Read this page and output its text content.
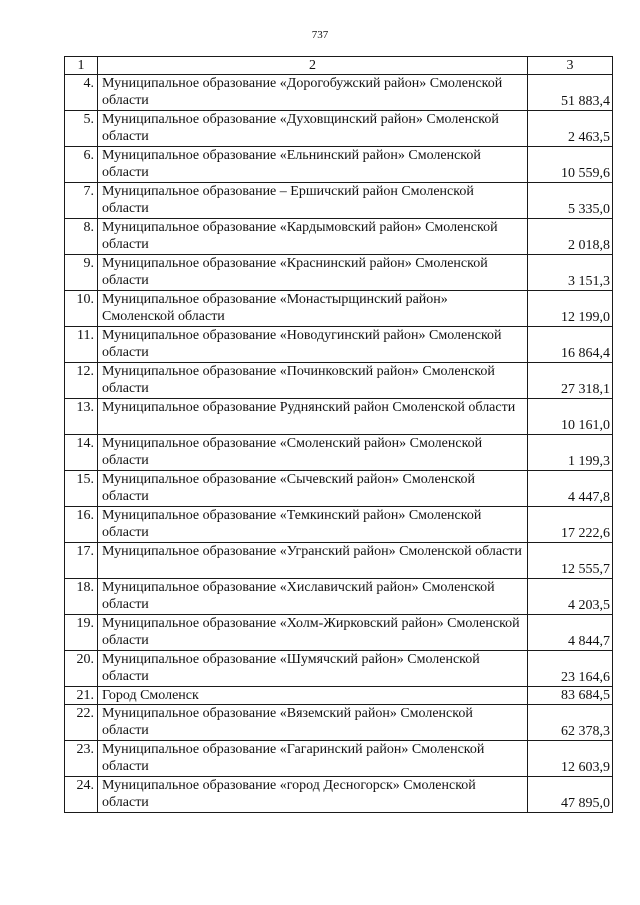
737
1	2	3
4.	Муниципальное образование «Дорогобужский район» Смоленской области	51 883,4
5.	Муниципальное образование «Духовщинский район» Смоленской области	2 463,5
6.	Муниципальное образование «Ельнинский район» Смоленской области	10 559,6
7.	Муниципальное образование – Ершичский район Смоленской области	5 335,0
8.	Муниципальное образование «Кардымовский район» Смоленской области	2 018,8
9.	Муниципальное образование «Краснинский район» Смоленской области	3 151,3
10.	Муниципальное образование «Монастырщинский район» Смоленской области	12 199,0
11.	Муниципальное образование «Новодугинский район» Смоленской области	16 864,4
12.	Муниципальное образование «Починковский район» Смоленской области	27 318,1
13.	Муниципальное образование Руднянский район Смоленской области	10 161,0
14.	Муниципальное образование «Смоленский район» Смоленской области	1 199,3
15.	Муниципальное образование «Сычевский район» Смоленской области	4 447,8
16.	Муниципальное образование «Темкинский район» Смоленской области	17 222,6
17.	Муниципальное образование «Угранский район» Смоленской области	12 555,7
18.	Муниципальное образование «Хиславичский район» Смоленской области	4 203,5
19.	Муниципальное образование «Холм-Жирковский район» Смоленской области	4 844,7
20.	Муниципальное образование «Шумячский район» Смоленской области	23 164,6
21.	Город Смоленск	83 684,5
22.	Муниципальное образование «Вяземский район» Смоленской области	62 378,3
23.	Муниципальное образование «Гагаринский район» Смоленской области	12 603,9
24.	Муниципальное образование «город Десногорск» Смоленской области	47 895,0
